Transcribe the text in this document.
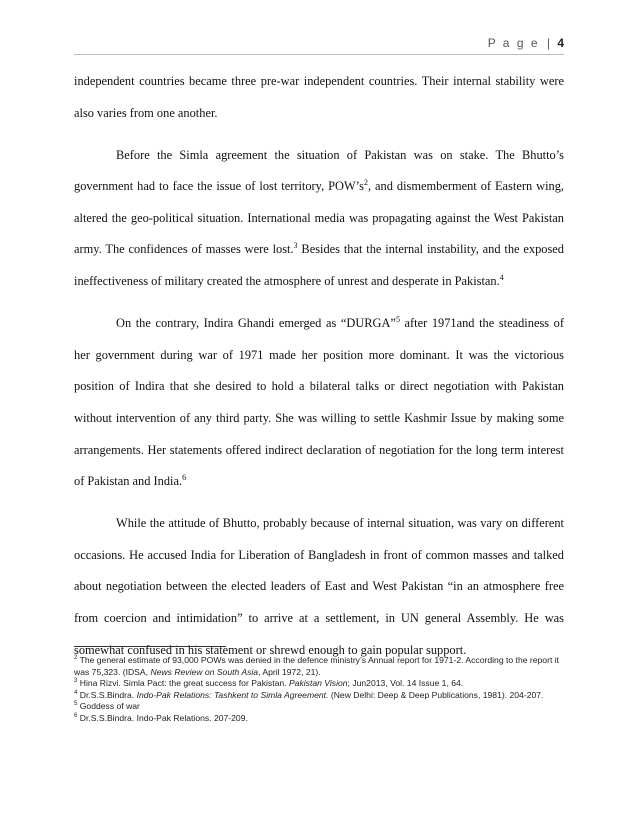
P a g e | 4

independent countries became three pre-war independent countries. Their internal stability were also varies from one another.

Before the Simla agreement the situation of Pakistan was on stake. The Bhutto’s government had to face the issue of lost territory, $POW’s^2$, and dismemberment of Eastern wing, altered the geo-political situation. International media was propagating against the West Pakistan army. The confidences of masses were lost.$^3$ Besides that the internal instability, and the exposed ineffectiveness of military created the atmosphere of unrest and desperate in Pakistan.$^4$

On the contrary, Indira Ghandi emerged as “DURGA”$^5$ after 1971and the steadiness of her government during war of 1971 made her position more dominant. It was the victorious position of Indira that she desired to hold a bilateral talks or direct negotiation with Pakistan without intervention of any third party. She was willing to settle Kashmir Issue by making some arrangements. Her statements offered indirect declaration of negotiation for the long term interest of Pakistan and India.$^6$

While the attitude of Bhutto, probably because of internal situation, was vary on different occasions. He accused India for Liberation of Bangladesh in front of common masses and talked about negotiation between the elected leaders of East and West Pakistan “in an atmosphere free from coercion and intimidation” to arrive at a settlement, in UN general Assembly. He was somewhat confused in his statement or shrewd enough to gain popular support.

$^2$ The general estimate of 93,000 POWs was denied in the defence ministry’s Annual report for 1971-2. According to the report it was 75,323. (IDSA, News Review on South Asia, April 1972, 21).
$^3$ Hina Rizvi. Simla Pact: the great success for Pakistan. Pakistan Vision; Jun2013, Vol. 14 Issue 1, 64.
$^4$ Dr.S.S.Bindra. Indo-Pak Relations: Tashkent to Simla Agreement. (New Delhi: Deep & Deep Publications, 1981). 204-207.
$^5$ Goddess of war
$^6$ Dr.S.S.Bindra. Indo-Pak Relations. 207-209.
